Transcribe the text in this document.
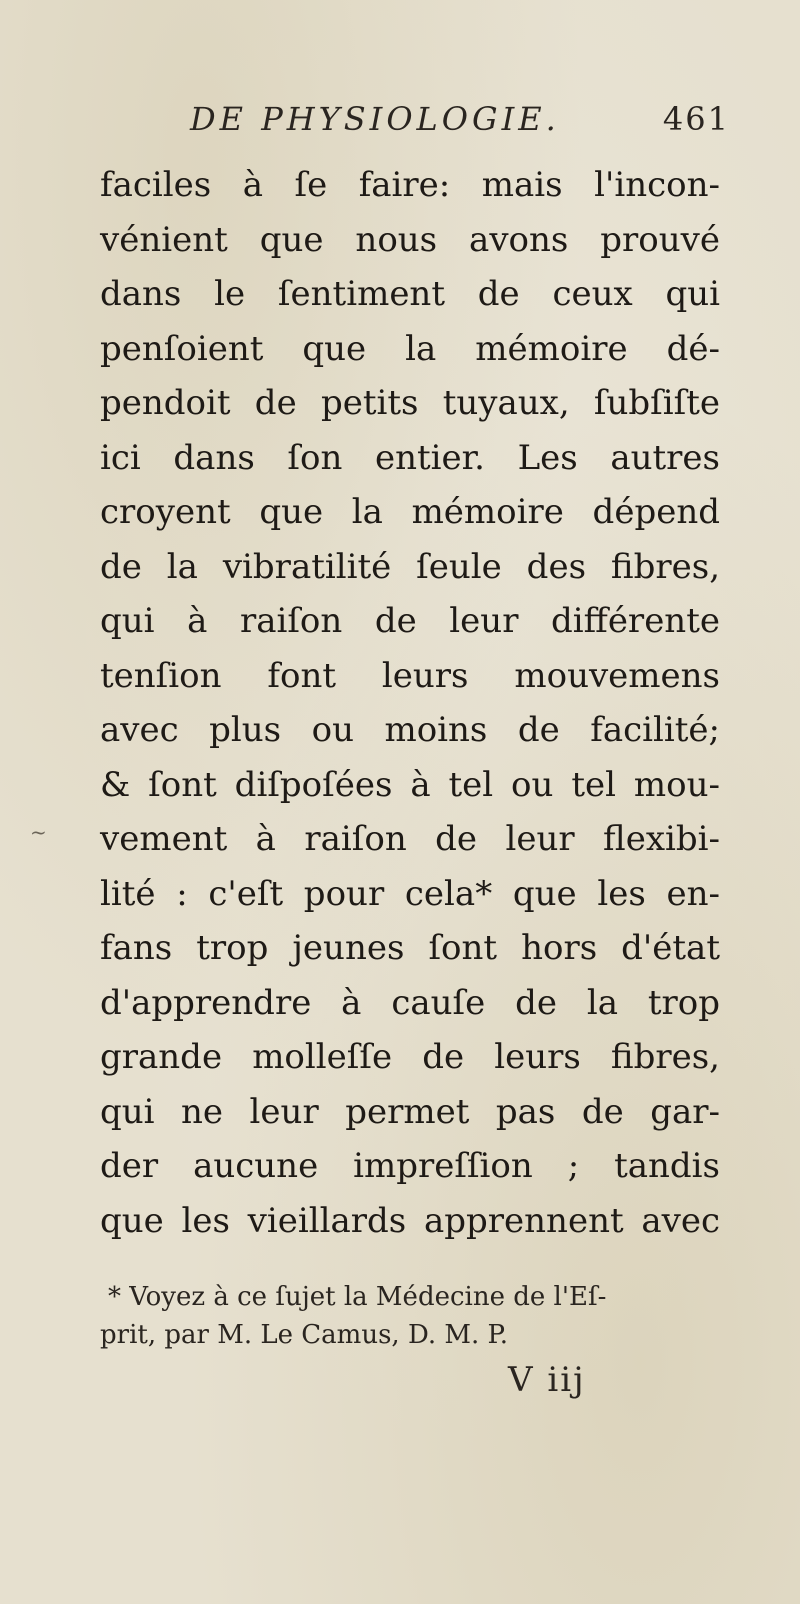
DE PHYSIOLOGIE.	461
faciles à ſe faire: mais l'incon-
vénient que nous avons prouvé
dans le ſentiment de ceux qui
penſoient que la mémoire dé-
pendoit de petits tuyaux, ſubſiſte
ici dans ſon entier. Les autres
croyent que la mémoire dépend
de la vibratilité ſeule des fibres,
qui à raiſon de leur différente
tenſion font leurs mouvemens
avec plus ou moins de facilité;
& ſont diſpoſées à tel ou tel mou-
vement à raiſon de leur flexibi-
lité : c'eſt pour cela* que les en-
fans trop jeunes ſont hors d'état
d'apprendre à cauſe de la trop
grande molleſſe de leurs fibres,
qui ne leur permet pas de gar-
der aucune impreſſion ; tandis
que les vieillards apprennent avec
* Voyez à ce ſujet la Médecine de l'Eſ-
prit, par M. Le Camus, D. M. P.
V iij
~
